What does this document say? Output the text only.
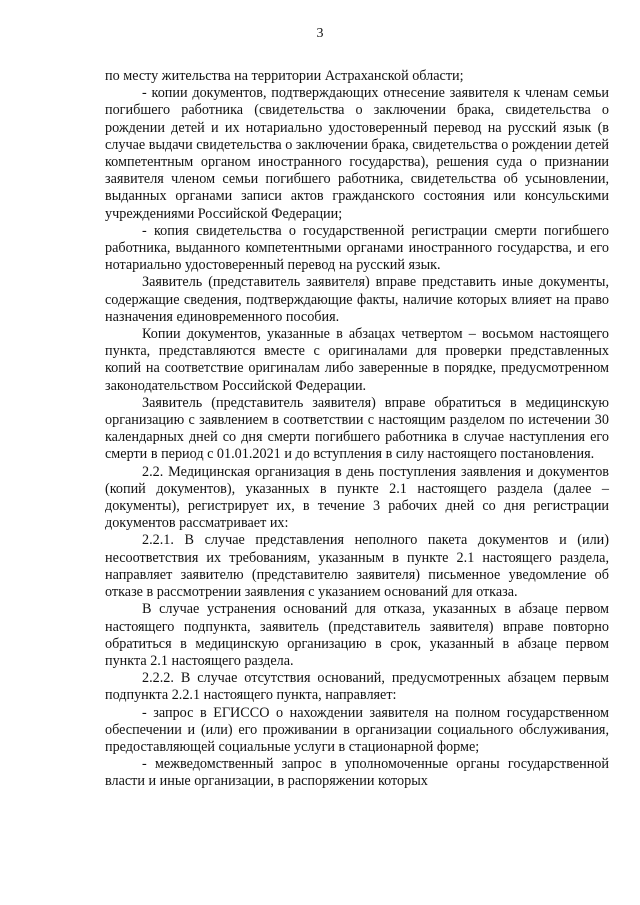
3

по месту жительства на территории Астраханской области;

- копии документов, подтверждающих отнесение заявителя к членам семьи погибшего работника (свидетельства о заключении брака, свидетельства о рождении детей и их нотариально удостоверенный перевод на русский язык (в случае выдачи свидетельства о заключении брака, свидетельства о рождении детей компетентным органом иностранного государства), решения суда о признании заявителя членом семьи погибшего работника, свидетельства об усыновлении, выданных органами записи актов гражданского состояния или консульскими учреждениями Российской Федерации;

- копия свидетельства о государственной регистрации смерти погибшего работника, выданного компетентными органами иностранного государства, и его нотариально удостоверенный перевод на русский язык.

Заявитель (представитель заявителя) вправе представить иные документы, содержащие сведения, подтверждающие факты, наличие которых влияет на право назначения единовременного пособия.

Копии документов, указанные в абзацах четвертом – восьмом настоящего пункта, представляются вместе с оригиналами для проверки представленных копий на соответствие оригиналам либо заверенные в порядке, предусмотренном законодательством Российской Федерации.

Заявитель (представитель заявителя) вправе обратиться в медицинскую организацию с заявлением в соответствии с настоящим разделом по истечении 30 календарных дней со дня смерти погибшего работника в случае наступления его смерти в период с 01.01.2021 и до вступления в силу настоящего постановления.

2.2. Медицинская организация в день поступления заявления и документов (копий документов), указанных в пункте 2.1 настоящего раздела (далее – документы), регистрирует их, в течение 3 рабочих дней со дня регистрации документов рассматривает их:

2.2.1. В случае представления неполного пакета документов и (или) несоответствия их требованиям, указанным в пункте 2.1 настоящего раздела, направляет заявителю (представителю заявителя) письменное уведомление об отказе в рассмотрении заявления с указанием оснований для отказа.

В случае устранения оснований для отказа, указанных в абзаце первом настоящего подпункта, заявитель (представитель заявителя) вправе повторно обратиться в медицинскую организацию в срок, указанный в абзаце первом пункта 2.1 настоящего раздела.

2.2.2. В случае отсутствия оснований, предусмотренных абзацем первым подпункта 2.2.1 настоящего пункта, направляет:

- запрос в ЕГИССО о нахождении заявителя на полном государственном обеспечении и (или) его проживании в организации социального обслуживания, предоставляющей социальные услуги в стационарной форме;

- межведомственный запрос в уполномоченные органы государственной власти и иные организации, в распоряжении которых
